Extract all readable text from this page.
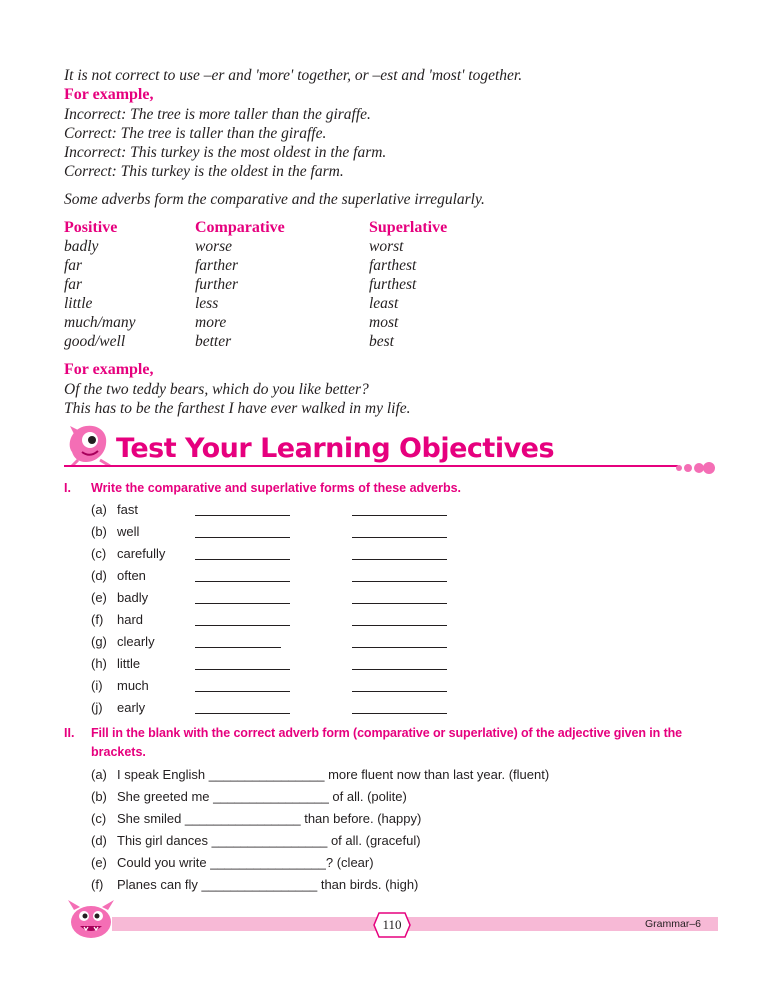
It is not correct to use –er and 'more' together, or –est and 'most' together.
For example,
Incorrect: The tree is more taller than the giraffe.
Correct: The tree is taller than the giraffe.
Incorrect: This turkey is the most oldest in the farm.
Correct: This turkey is the oldest in the farm.
Some adverbs form the comparative and the superlative irregularly.
Positive	Comparative	Superlative
badly	worse	worst
far	farther	farthest
far	further	furthest
little	less	least
much/many	more	most
good/well	better	best
For example,
Of the two teddy bears, which do you like better?
This has to be the farthest I have ever walked in my life.
Test Your Learning Objectives
I. Write the comparative and superlative forms of these adverbs.
(a) fast
(b) well
(c) carefully
(d) often
(e) badly
(f) hard
(g) clearly
(h) little
(i) much
(j) early
II. Fill in the blank with the correct adverb form (comparative or superlative) of the adjective given in the
brackets.
(a) I speak English ________________ more fluent now than last year. (fluent)
(b) She greeted me ________________ of all. (polite)
(c) She smiled ________________ than before. (happy)
(d) This girl dances ________________ of all. (graceful)
(e) Could you write ________________? (clear)
(f) Planes can fly ________________ than birds. (high)
110	Grammar–6
